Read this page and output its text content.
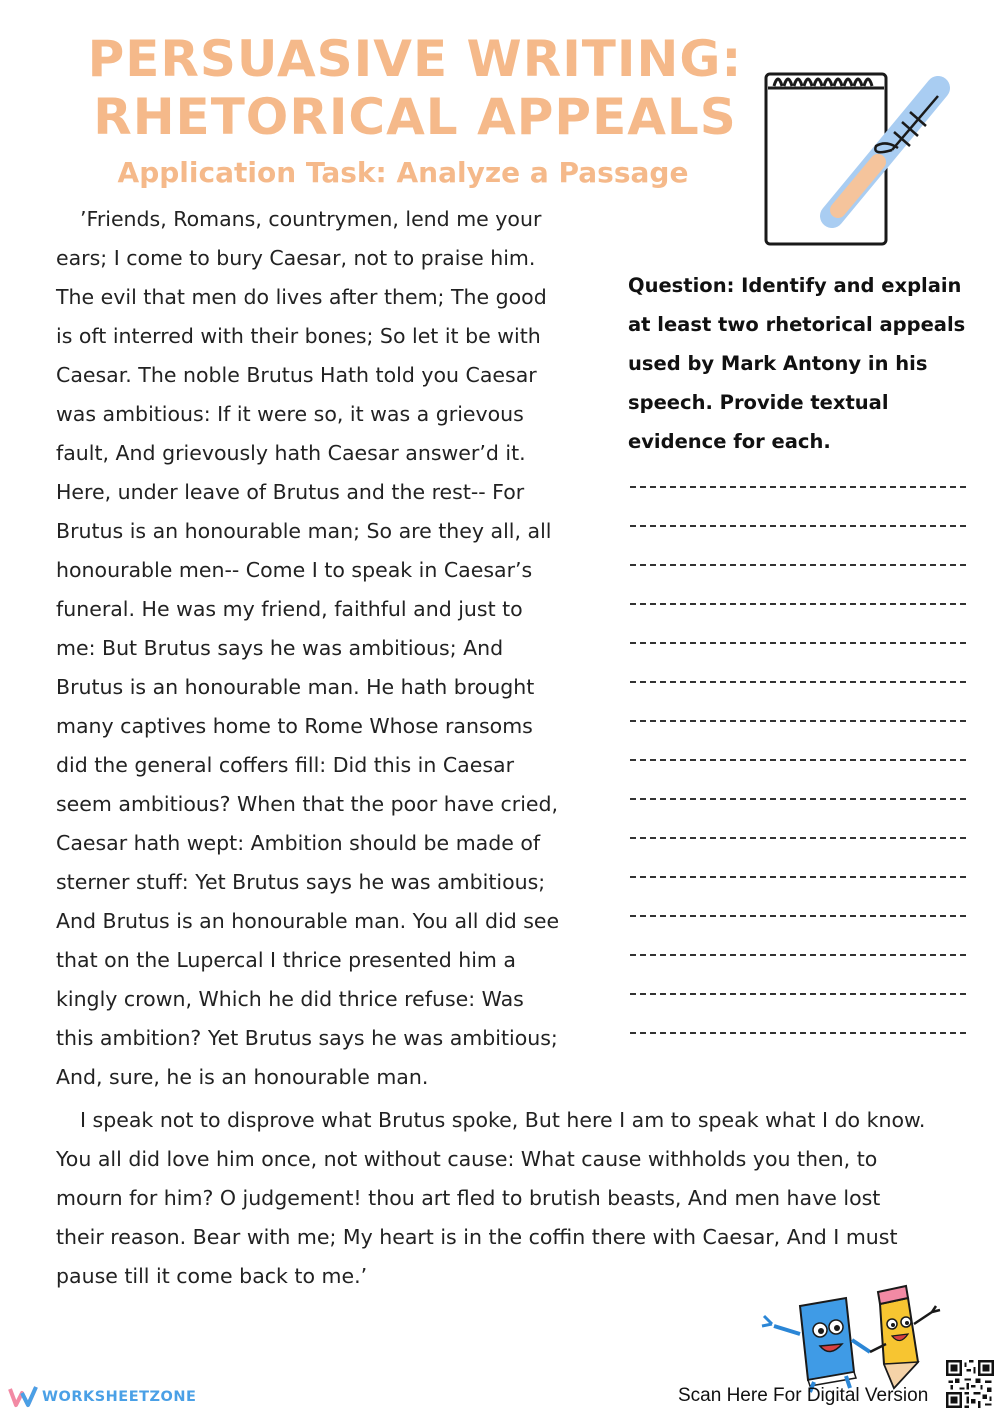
PERSUASIVE WRITING:
RHETORICAL APPEALS
Application Task: Analyze a Passage
’Friends, Romans, countrymen, lend me your
ears; I come to bury Caesar, not to praise him.
The evil that men do lives after them; The good
is oft interred with their bones; So let it be with
Caesar. The noble Brutus Hath told you Caesar
was ambitious: If it were so, it was a grievous
fault, And grievously hath Caesar answer’d it.
Here, under leave of Brutus and the rest-- For
Brutus is an honourable man; So are they all, all
honourable men-- Come I to speak in Caesar’s
funeral. He was my friend, faithful and just to
me: But Brutus says he was ambitious; And
Brutus is an honourable man. He hath brought
many captives home to Rome Whose ransoms
did the general coffers fill: Did this in Caesar
seem ambitious? When that the poor have cried,
Caesar hath wept: Ambition should be made of
sterner stuff: Yet Brutus says he was ambitious;
And Brutus is an honourable man. You all did see
that on the Lupercal I thrice presented him a
kingly crown, Which he did thrice refuse: Was
this ambition? Yet Brutus says he was ambitious;
And, sure, he is an honourable man.
Question: Identify and explain
at least two rhetorical appeals
used by Mark Antony in his
speech. Provide textual
evidence for each.
I speak not to disprove what Brutus spoke, But here I am to speak what I do know.
You all did love him once, not without cause: What cause withholds you then, to
mourn for him? O judgement! thou art fled to brutish beasts, And men have lost
their reason. Bear with me; My heart is in the coffin there with Caesar, And I must
pause till it come back to me.’
WORKSHEETZONE	Scan Here For Digital Version
